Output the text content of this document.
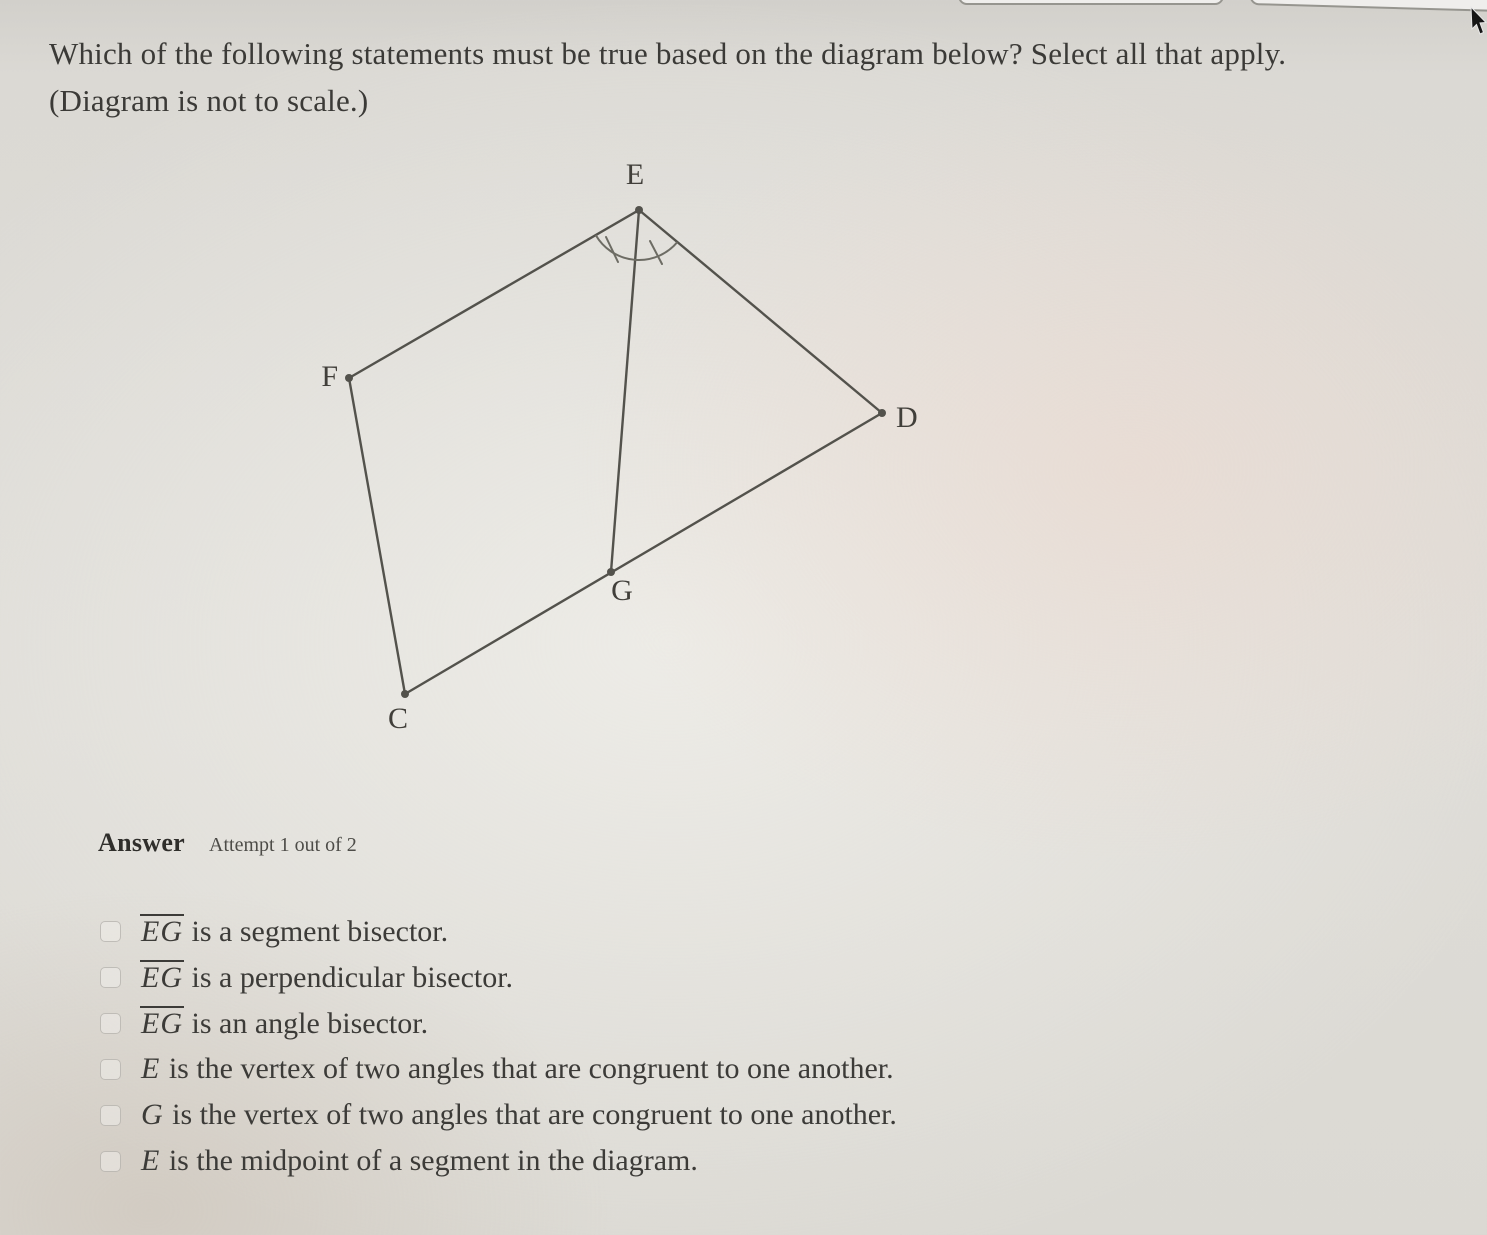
Which of the following statements must be true based on the diagram below? Select all that apply.
(Diagram is not to scale.)
E
F
D
G
C
Answer Attempt 1 out of 2
EG is a segment bisector.
EG is a perpendicular bisector.
EG is an angle bisector.
E is the vertex of two angles that are congruent to one another.
G is the vertex of two angles that are congruent to one another.
E is the midpoint of a segment in the diagram.
